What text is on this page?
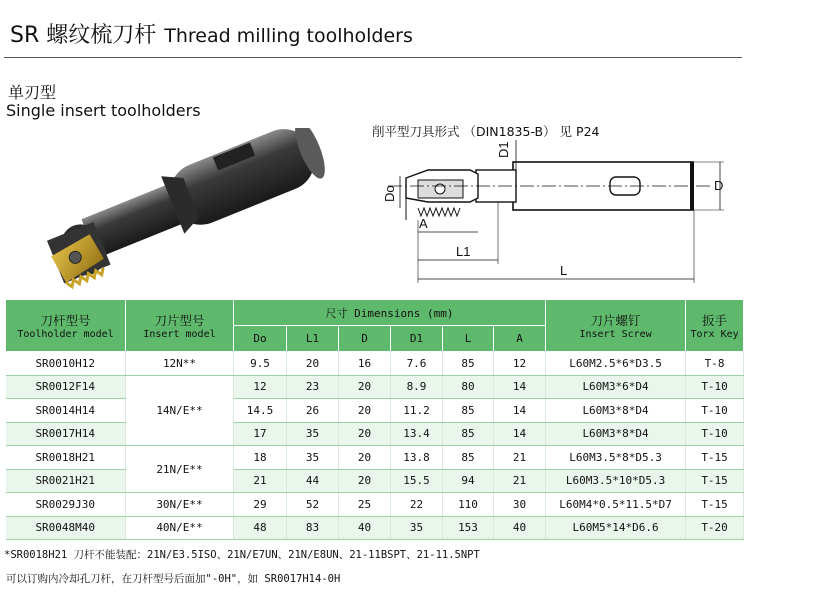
SR 螺纹梳刀杆 Thread milling toolholders
单刃型
Single insert toolholders
削平型刀具形式 （DIN1835-B） 见 P24
D1
Do	D
A
L1
L
刀杆型号
Toolholder model	刀片型号
Insert model	尺寸 Dimensions (mm)						刀片螺钉
Insert Screw	扳手
Torx Key

		Do	L1	D	D1	L	A		
SR0010H12	12N**	9.5	20	16	7.6	85	12	L60M2.5*6*D3.5	T-8
SR0012F14	14N/E**	12	23	20	8.9	80	14	L60M3*6*D4	T-10
SR0014H14		14.5	26	20	11.2	85	14	L60M3*8*D4	T-10
SR0017H14		17	35	20	13.4	85	14	L60M3*8*D4	T-10
SR0018H21	21N/E**	18	35	20	13.8	85	21	L60M3.5*8*D5.3	T-15
SR0021H21		21	44	20	15.5	94	21	L60M3.5*10*D5.3	T-15
SR0029J30	30N/E**	29	52	25	22	110	30	L60M4*0.5*11.5*D7	T-15
SR0048M40	40N/E**	48	83	40	35	153	40	L60M5*14*D6.6	T-20
*SR0018H21 刀杆不能装配：21N/E3.5ISO、21N/E7UN、21N/E8UN、21-11BSPT、21-11.5NPT
可以订购内冷却孔刀杆，在刀杆型号后面加"-0H"，如 SR0017H14-0H
